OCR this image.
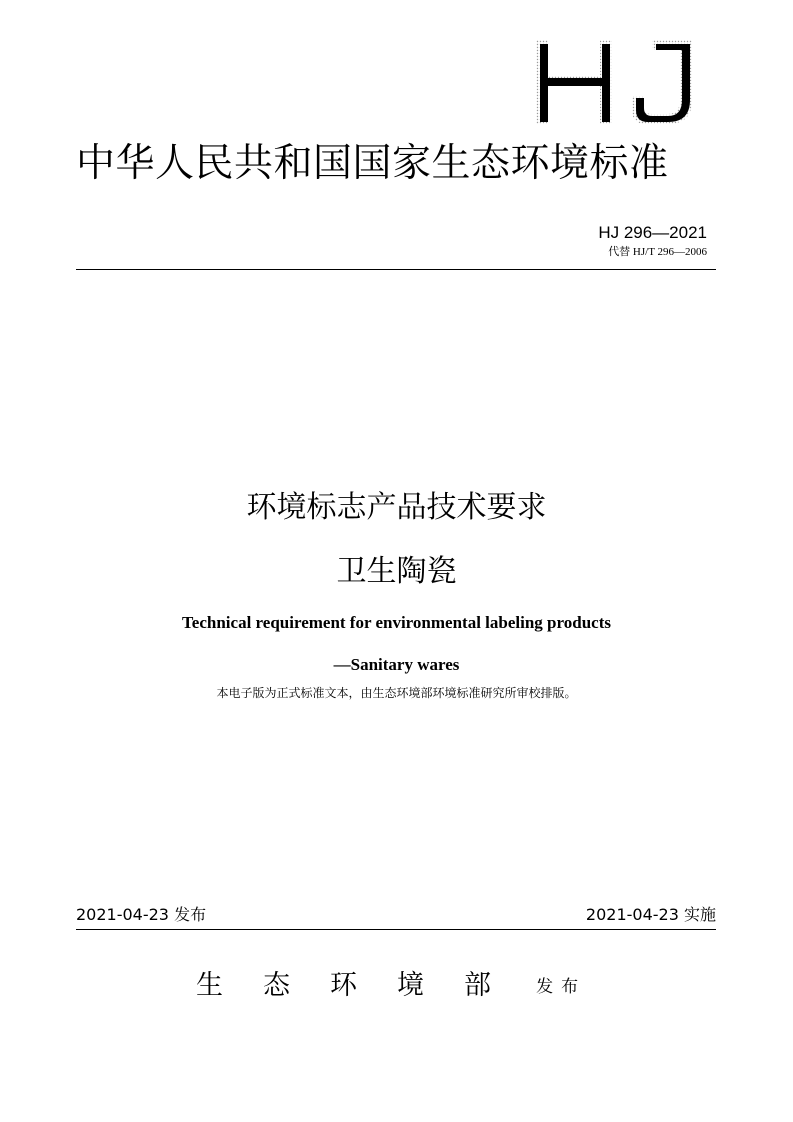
中华人民共和国国家生态环境标准
HJ 296—2021
代替 HJ/T 296—2006
环境标志产品技术要求
卫生陶瓷
Technical requirement for environmental labeling products
—Sanitary wares
本电子版为正式标准文本，由生态环境部环境标准研究所审校排版。
2021-04-23 发布	2021-04-23 实施
生态环境部 发布
